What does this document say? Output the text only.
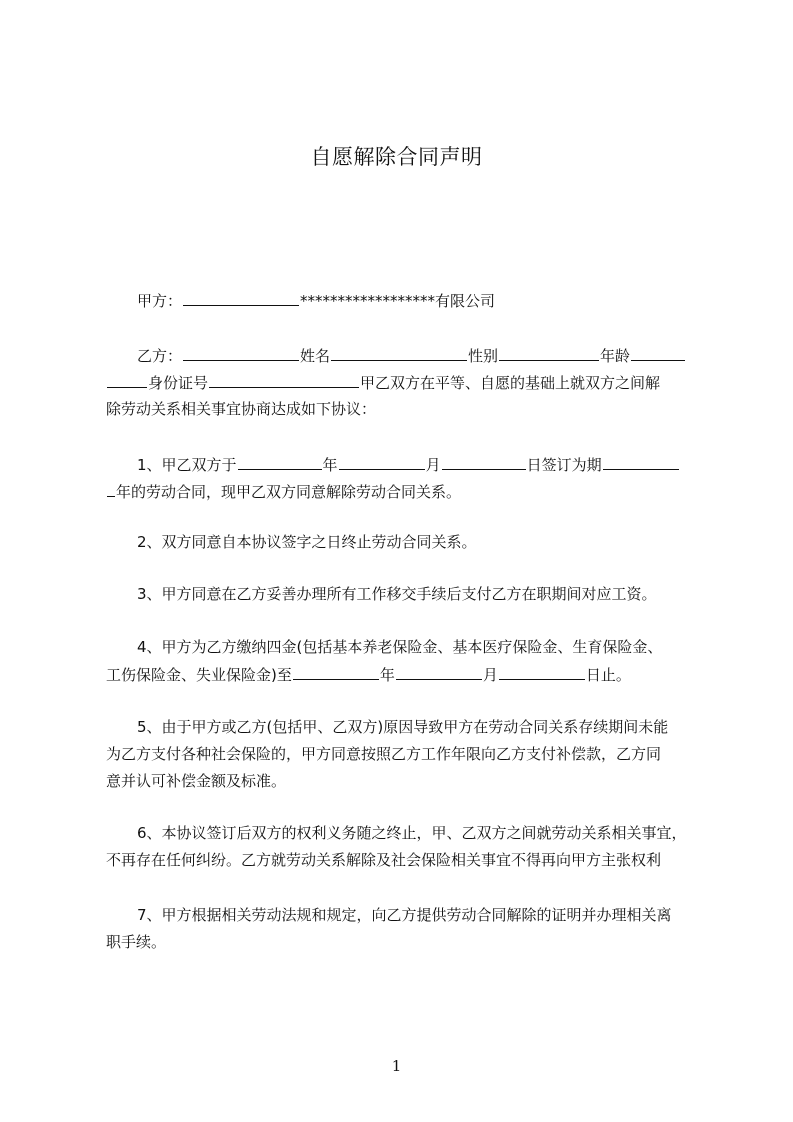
自愿解除合同声明
甲方：	******************有限公司
乙方：	姓名	性别	年龄
身份证号	甲乙双方在平等、自愿的基础上就双方之间解
除劳动关系相关事宜协商达成如下协议：
1、甲乙双方于	年	月	日签订为期
年的劳动合同，现甲乙双方同意解除劳动合同关系。
2、双方同意自本协议签字之日终止劳动合同关系。
3、甲方同意在乙方妥善办理所有工作移交手续后支付乙方在职期间对应工资。
4、甲方为乙方缴纳四金(包括基本养老保险金、基本医疗保险金、生育保险金、
工伤保险金、失业保险金)至	年	月	日止。
5、由于甲方或乙方(包括甲、乙双方)原因导致甲方在劳动合同关系存续期间未能
为乙方支付各种社会保险的，甲方同意按照乙方工作年限向乙方支付补偿款，乙方同
意并认可补偿金额及标准。
6、本协议签订后双方的权利义务随之终止，甲、乙双方之间就劳动关系相关事宜，
不再存在任何纠纷。乙方就劳动关系解除及社会保险相关事宜不得再向甲方主张权利
7、甲方根据相关劳动法规和规定，向乙方提供劳动合同解除的证明并办理相关离
职手续。
1
